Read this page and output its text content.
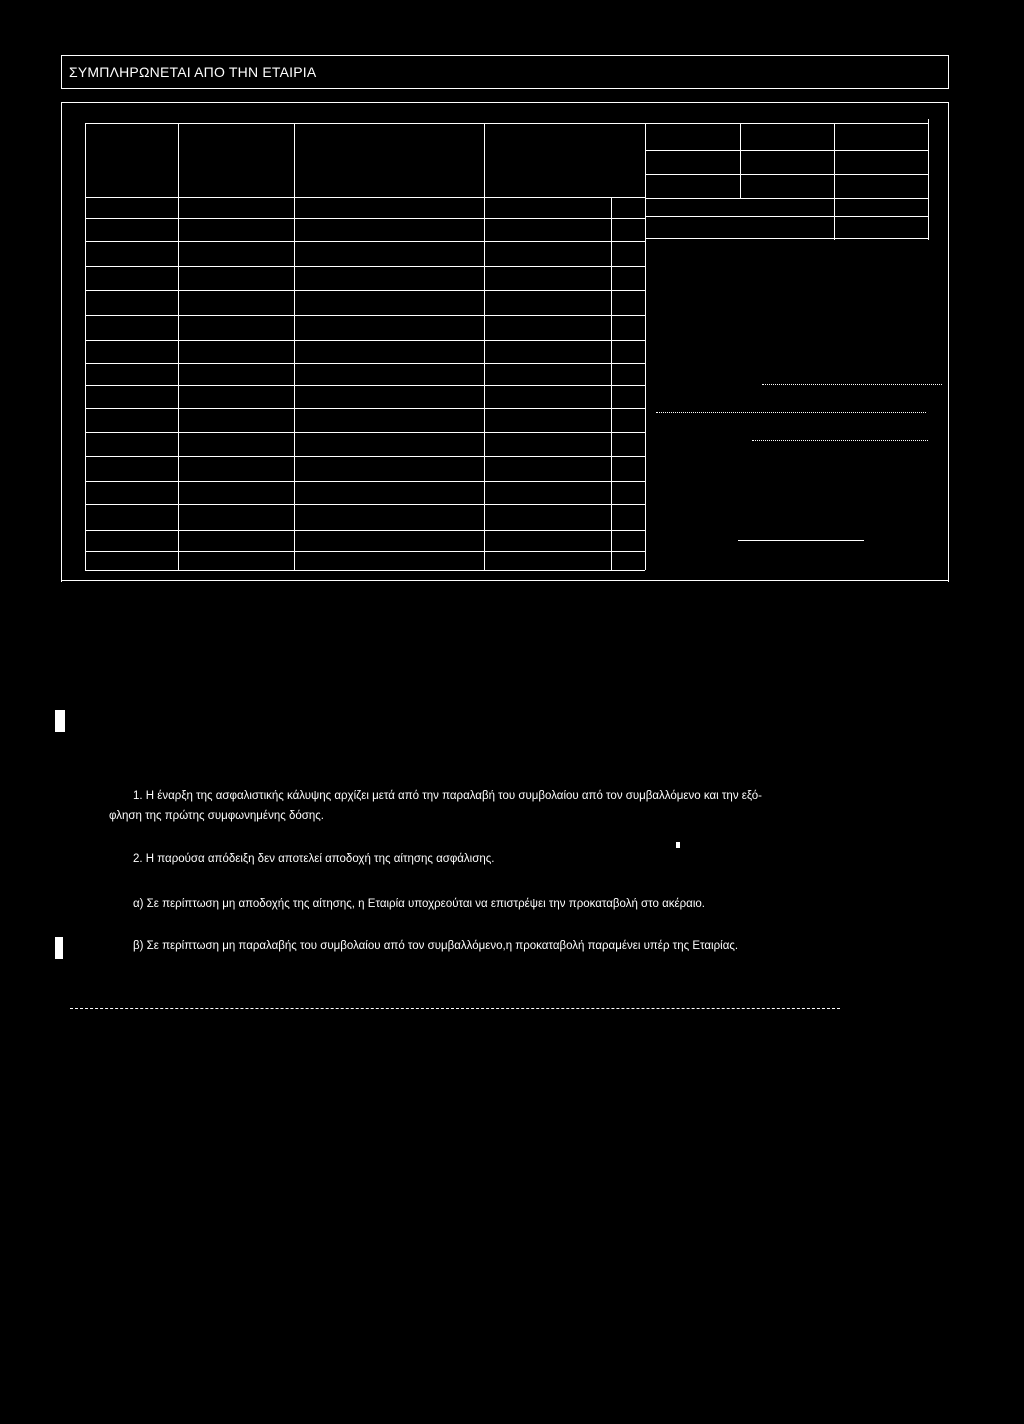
ΣΥΜΠΛΗΡΩΝΕΤΑΙ ΑΠΟ ΤΗΝ ΕΤΑΙΡΙΑ
1. Η έναρξη της ασφαλιστικής κάλυψης αρχίζει μετά από την παραλαβή του συμβολαίου από τον συμβαλλόμενο και την εξό-
φληση της πρώτης συμφωνημένης δόσης.
2. Η παρούσα απόδειξη δεν αποτελεί αποδοχή της αίτησης ασφάλισης.
α) Σε περίπτωση μη αποδοχής της αίτησης, η Εταιρία υποχρεούται να επιστρέψει την προκαταβολή στο ακέραιο.
β) Σε περίπτωση μη παραλαβής του συμβολαίου από τον συμβαλλόμενο,η προκαταβολή παραμένει υπέρ της Εταιρίας.
